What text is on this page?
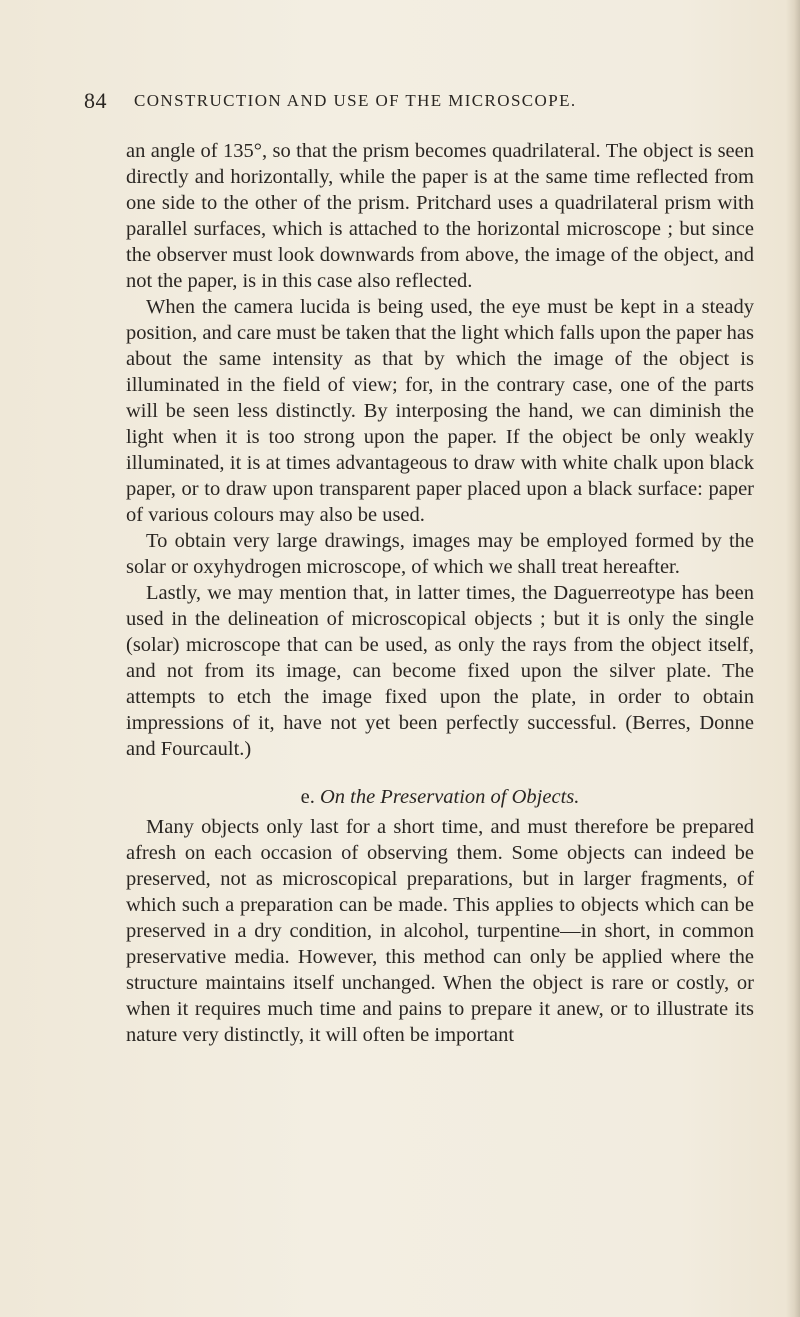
84 CONSTRUCTION AND USE OF THE MICROSCOPE.

an angle of 135°, so that the prism becomes quadrilateral. The object is seen directly and horizontally, while the paper is at the same time reflected from one side to the other of the prism. Pritchard uses a quadrilateral prism with parallel surfaces, which is attached to the horizontal microscope ; but since the observer must look downwards from above, the image of the object, and not the paper, is in this case also reflected.

When the camera lucida is being used, the eye must be kept in a steady position, and care must be taken that the light which falls upon the paper has about the same intensity as that by which the image of the object is illuminated in the field of view; for, in the contrary case, one of the parts will be seen less distinctly. By interposing the hand, we can diminish the light when it is too strong upon the paper. If the object be only weakly illuminated, it is at times advantageous to draw with white chalk upon black paper, or to draw upon transparent paper placed upon a black surface: paper of various colours may also be used.

To obtain very large drawings, images may be employed formed by the solar or oxyhydrogen microscope, of which we shall treat hereafter.

Lastly, we may mention that, in latter times, the Daguerreotype has been used in the delineation of microscopical objects ; but it is only the single (solar) microscope that can be used, as only the rays from the object itself, and not from its image, can become fixed upon the silver plate. The attempts to etch the image fixed upon the plate, in order to obtain impressions of it, have not yet been perfectly successful. (Berres, Donne and Fourcault.)

e. On the Preservation of Objects.

Many objects only last for a short time, and must therefore be prepared afresh on each occasion of observing them. Some objects can indeed be preserved, not as microscopical preparations, but in larger fragments, of which such a preparation can be made. This applies to objects which can be preserved in a dry condition, in alcohol, turpentine—in short, in common preservative media. However, this method can only be applied where the structure maintains itself unchanged. When the object is rare or costly, or when it requires much time and pains to prepare it anew, or to illustrate its nature very distinctly, it will often be important
